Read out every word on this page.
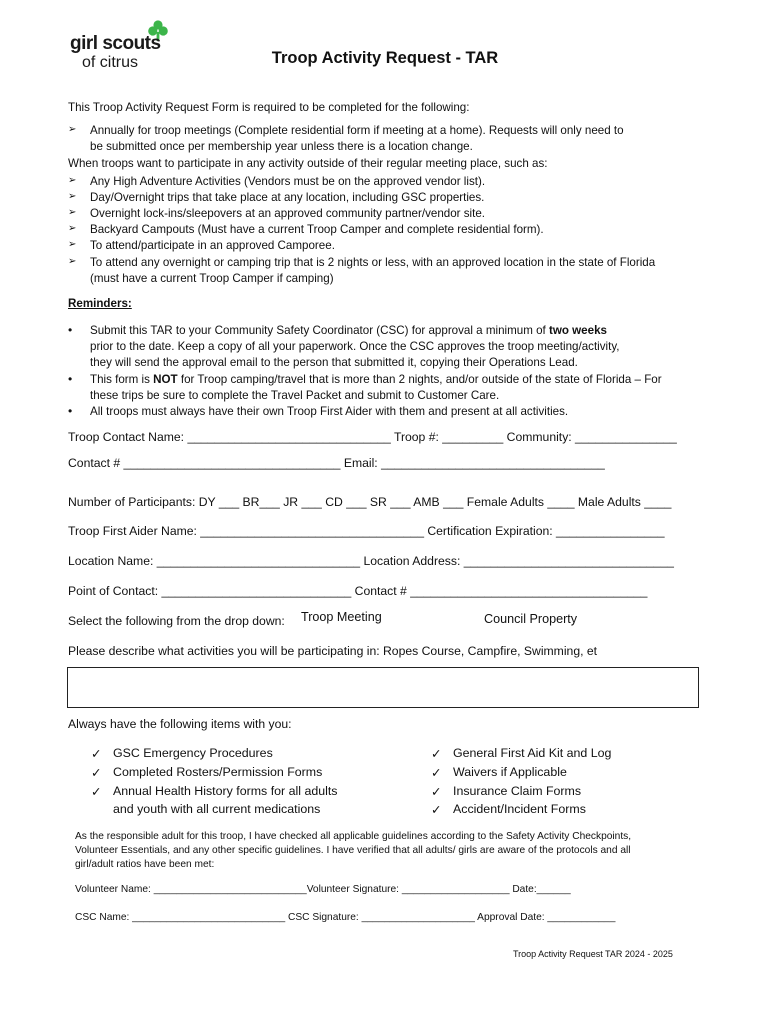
girl scouts
of citrus	Troop Activity Request - TAR
This Troop Activity Request Form is required to be completed for the following:
➢ Annually for troop meetings (Complete residential form if meeting at a home). Requests will only need to
be submitted once per membership year unless there is a location change.
When troops want to participate in any activity outside of their regular meeting place, such as:
➢ Any High Adventure Activities (Vendors must be on the approved vendor list).
➢ Day/Overnight trips that take place at any location, including GSC properties.
➢ Overnight lock-ins/sleepovers at an approved community partner/vendor site.
➢ Backyard Campouts (Must have a current Troop Camper and complete residential form).
➢ To attend/participate in an approved Camporee.
➢ To attend any overnight or camping trip that is 2 nights or less, with an approved location in the state of Florida
(must have a current Troop Camper if camping)
Reminders:
• Submit this TAR to your Community Safety Coordinator (CSC) for approval a minimum of two weeks
prior to the date. Keep a copy of all your paperwork. Once the CSC approves the troop meeting/activity,
they will send the approval email to the person that submitted it, copying their Operations Lead.
• This form is NOT for Troop camping/travel that is more than 2 nights, and/or outside of the state of Florida – For
these trips be sure to complete the Travel Packet and submit to Customer Care.
• All troops must always have their own Troop First Aider with them and present at all activities.
Troop Contact Name: ______________________________ Troop #: _________ Community: _______________
Contact # ________________________________ Email: _________________________________
Number of Participants: DY ___ BR___ JR ___ CD ___ SR ___ AMB ___ Female Adults ____ Male Adults ____
Troop First Aider Name: _________________________________ Certification Expiration: ________________
Location Name: ______________________________ Location Address: _______________________________
Point of Contact: ____________________________ Contact # ___________________________________
Select the following from the drop down: Troop Meeting	Council Property
Please describe what activities you will be participating in: Ropes Course, Campfire, Swimming, et
Always have the following items with you:
✓ GSC Emergency Procedures
✓ Completed Rosters/Permission Forms
✓ Annual Health History forms for all adults
and youth with all current medications
✓ General First Aid Kit and Log
✓ Waivers if Applicable
✓ Insurance Claim Forms
✓ Accident/Incident Forms
As the responsible adult for this troop, I have checked all applicable guidelines according to the Safety Activity Checkpoints,
Volunteer Essentials, and any other specific guidelines. I have verified that all adults/ girls are aware of the protocols and all
girl/adult ratios have been met:
Volunteer Name: ___________________________Volunteer Signature: ___________________ Date:______
CSC Name: ___________________________ CSC Signature: ____________________ Approval Date: ____________
Troop Activity Request TAR 2024 - 2025
